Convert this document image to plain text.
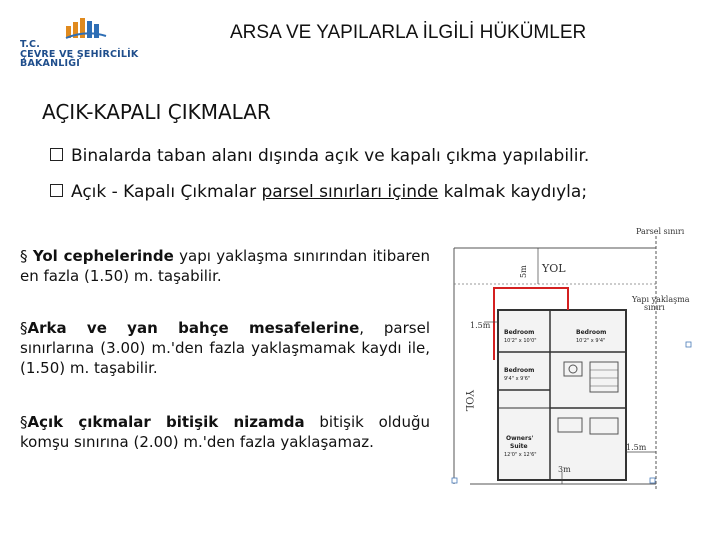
T.C.
ÇEVRE VE ŞEHİRCİLİK
BAKANLIĞI
ARSA VE YAPILARLA İLGİLİ HÜKÜMLER
AÇIK-KAPALI ÇIKMALAR
Binalarda taban alanı dışında açık ve kapalı çıkma yapılabilir.
Açık - Kapalı Çıkmalar parsel sınırları içinde kalmak kaydıyla;
§ Yol cephelerinde yapı yaklaşma sınırından itibaren en fazla (1.50) m. taşabilir.
§Arka ve yan bahçe mesafelerine, parsel sınırlarına (3.00) m.'den fazla yaklaşmamak kaydı ile, (1.50) m. taşabilir.
§Açık çıkmalar bitişik nizamda bitişik olduğu komşu sınırına (2.00) m.'den fazla yaklaşamaz.
Parsel sınırı
YOL
Yapı yaklaşma
sınırı
YOL
Bedroom
10'2" x 10'0"
Bedroom
10'2" x 9'4"
Bedroom
9'4" x 9'6"
Owners'
Suite
12'0" x 12'6"
5m
1.5m
1.5m
3m
